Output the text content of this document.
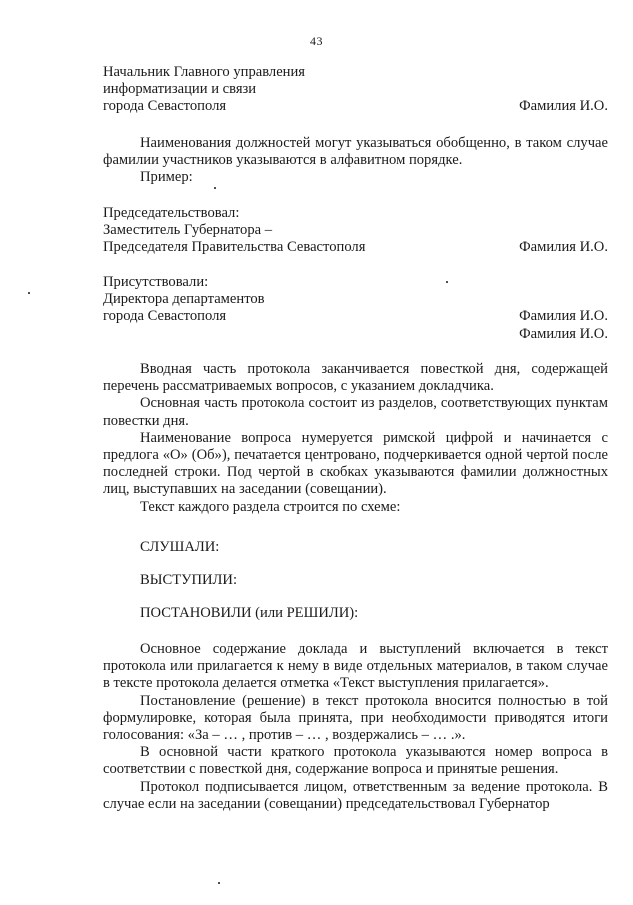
43
Начальник Главного управления
информатизации и связи
города Севастополя	Фамилия И.О.
Наименования должностей могут указываться обобщенно, в таком случае фамилии участников указываются в алфавитном порядке.
Пример:
Председательствовал:
Заместитель Губернатора –
Председателя Правительства Севастополя	Фамилия И.О.
Присутствовали:
Директора департаментов
города Севастополя	Фамилия И.О.
Фамилия И.О.
Вводная часть протокола заканчивается повесткой дня, содержащей перечень рассматриваемых вопросов, с указанием докладчика.
Основная часть протокола состоит из разделов, соответствующих пунктам повестки дня.
Наименование вопроса нумеруется римской цифрой и начинается с предлога «О» (Об»), печатается центровано, подчеркивается одной чертой после последней строки. Под чертой в скобках указываются фамилии должностных лиц, выступавших на заседании (совещании).
Текст каждого раздела строится по схеме:
СЛУШАЛИ:
ВЫСТУПИЛИ:
ПОСТАНОВИЛИ (или РЕШИЛИ):
Основное содержание доклада и выступлений включается в текст протокола или прилагается к нему в виде отдельных материалов, в таком случае в тексте протокола делается отметка «Текст выступления прилагается».
Постановление (решение) в текст протокола вносится полностью в той формулировке, которая была принята, при необходимости приводятся итоги голосования: «За – … , против – … , воздержались – … .».
В основной части краткого протокола указываются номер вопроса в соответствии с повесткой дня, содержание вопроса и принятые решения.
Протокол подписывается лицом, ответственным за ведение протокола. В случае если на заседании (совещании) председательствовал Губернатор
